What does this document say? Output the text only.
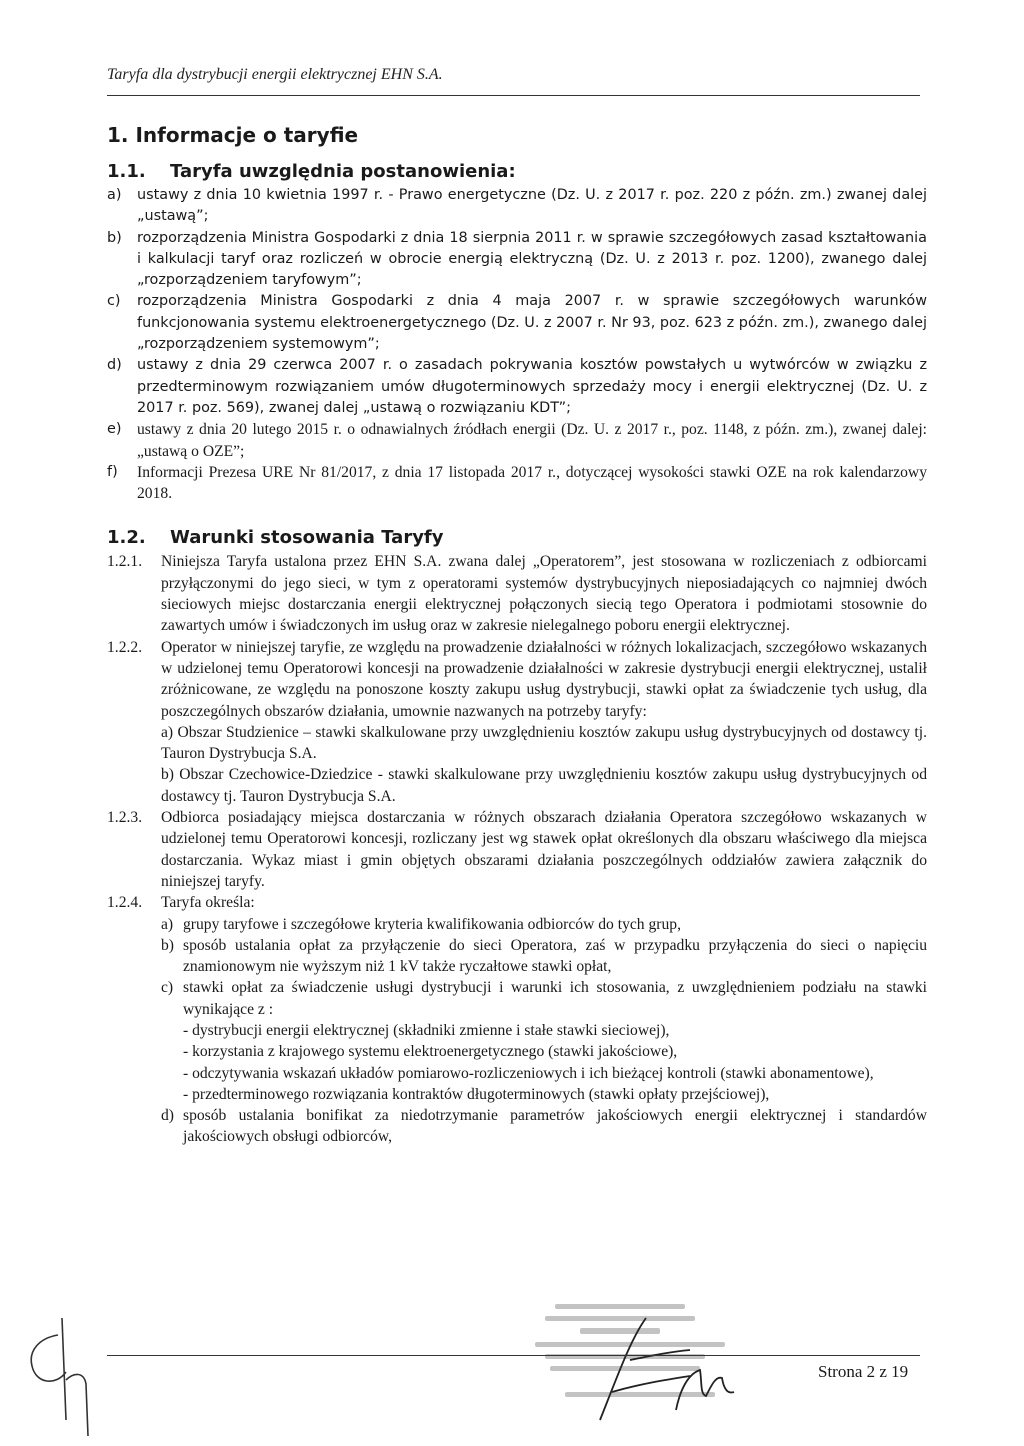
Taryfa dla dystrybucji energii elektrycznej EHN S.A.
1. Informacje o taryfie
1.1.	Taryfa uwzględnia postanowienia:
a)	ustawy z dnia 10 kwietnia 1997 r. - Prawo energetyczne (Dz. U. z 2017 r. poz. 220 z późn. zm.) zwanej dalej „ustawą”;
b)	rozporządzenia Ministra Gospodarki z dnia 18 sierpnia 2011 r. w sprawie szczegółowych zasad kształtowania i kalkulacji taryf oraz rozliczeń w obrocie energią elektryczną (Dz. U. z 2013 r. poz. 1200), zwanego dalej „rozporządzeniem taryfowym”;
c)	rozporządzenia Ministra Gospodarki z dnia 4 maja 2007 r. w sprawie szczegółowych warunków funkcjonowania systemu elektroenergetycznego (Dz. U. z 2007 r. Nr 93, poz. 623 z późn. zm.), zwanego dalej „rozporządzeniem systemowym”;
d)	ustawy z dnia 29 czerwca 2007 r. o zasadach pokrywania kosztów powstałych u wytwórców w związku z przedterminowym rozwiązaniem umów długoterminowych sprzedaży mocy i energii elektrycznej (Dz. U. z 2017 r. poz. 569), zwanej dalej „ustawą o rozwiązaniu KDT”;
e) ustawy z dnia 20 lutego 2015 r. o odnawialnych źródłach energii (Dz. U. z 2017 r., poz. 1148, z późn. zm.), zwanej dalej: „ustawą o OZE”;
f)	Informacji Prezesa URE Nr 81/2017, z dnia 17 listopada 2017 r., dotyczącej wysokości stawki OZE na rok kalendarzowy 2018.
1.2.	Warunki stosowania Taryfy
1.2.1.	Niniejsza Taryfa ustalona przez EHN S.A. zwana dalej „Operatorem”, jest stosowana w rozliczeniach z odbiorcami przyłączonymi do jego sieci, w tym z operatorami systemów dystrybucyjnych nieposiadających co najmniej dwóch sieciowych miejsc dostarczania energii elektrycznej połączonych siecią tego Operatora i podmiotami stosownie do zawartych umów i świadczonych im usług oraz w zakresie nielegalnego poboru energii elektrycznej.

1.2.2.	Operator w niniejszej taryfie, ze względu na prowadzenie działalności w różnych lokalizacjach, szczegółowo wskazanych w udzielonej temu Operatorowi koncesji na prowadzenie działalności w zakresie dystrybucji energii elektrycznej, ustalił zróżnicowane, ze względu na ponoszone koszty zakupu usług dystrybucji, stawki opłat za świadczenie tych usług, dla poszczególnych obszarów działania, umownie nazwanych na potrzeby taryfy:

a) Obszar Studzienice – stawki skalkulowane przy uwzględnieniu kosztów zakupu usług dystrybucyjnych od dostawcy tj. Tauron Dystrybucja S.A.

b) Obszar Czechowice-Dziedzice - stawki skalkulowane przy uwzględnieniu kosztów zakupu usług dystrybucyjnych od dostawcy tj. Tauron Dystrybucja S.A.

1.2.3.	Odbiorca posiadający miejsca dostarczania w różnych obszarach działania Operatora szczegółowo wskazanych w udzielonej temu Operatorowi koncesji, rozliczany jest wg stawek opłat określonych dla obszaru właściwego dla miejsca dostarczania. Wykaz miast i gmin objętych obszarami działania poszczególnych oddziałów zawiera załącznik do niniejszej taryfy.

1.2.4.	Taryfa określa:

a) grupy taryfowe i szczegółowe kryteria kwalifikowania odbiorców do tych grup,
b) sposób ustalania opłat za przyłączenie do sieci Operatora, zaś w przypadku przyłączenia do sieci o napięciu znamionowym nie wyższym niż 1 kV także ryczałtowe stawki opłat,
c) stawki opłat za świadczenie usługi dystrybucji i warunki ich stosowania, z uwzględnieniem podziału na stawki wynikające z :
- dystrybucji energii elektrycznej (składniki zmienne i stałe stawki sieciowej),
- korzystania z krajowego systemu elektroenergetycznego (stawki jakościowe),
- odczytywania wskazań układów pomiarowo-rozliczeniowych i ich bieżącej kontroli (stawki abonamentowe),
- przedterminowego rozwiązania kontraktów długoterminowych (stawki opłaty przejściowej),
d) sposób ustalania bonifikat za niedotrzymanie parametrów jakościowych energii elektrycznej i standardów jakościowych obsługi odbiorców,
Strona 2 z 19
